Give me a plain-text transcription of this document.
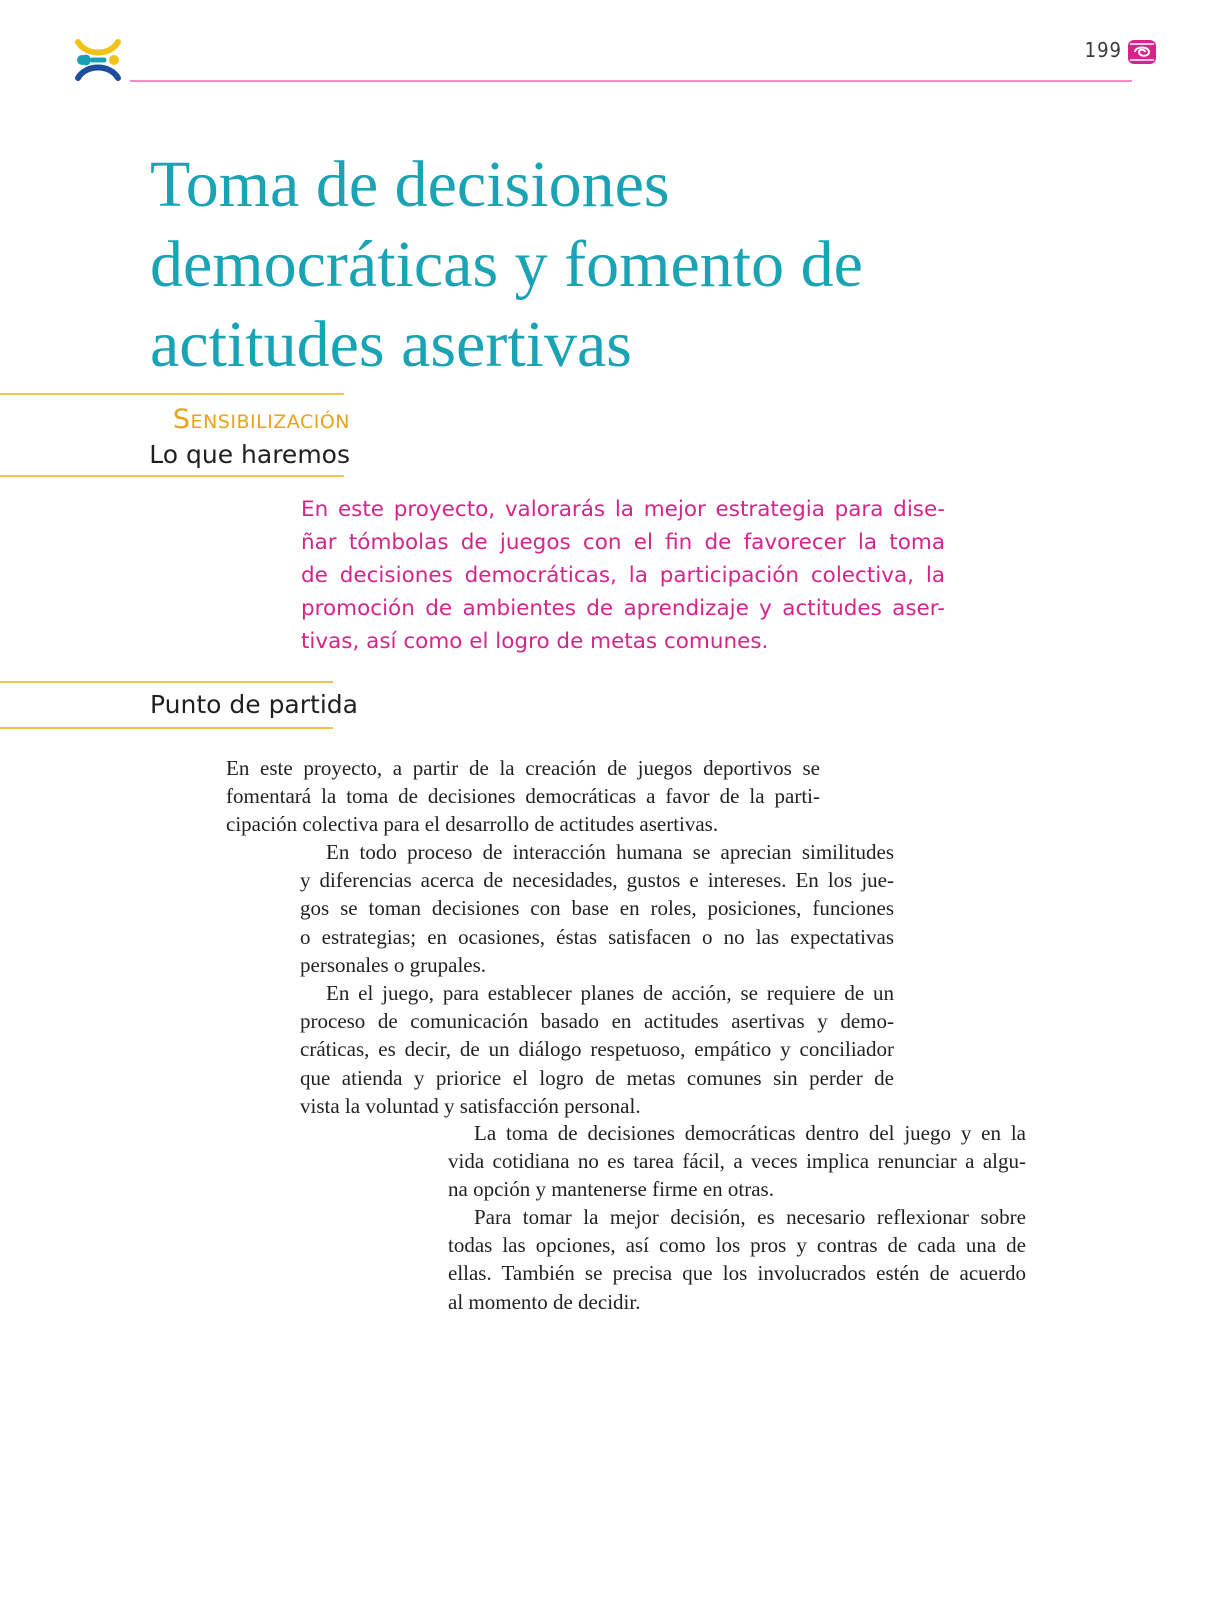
199
Toma de decisiones
democráticas y fomento de
actitudes asertivas
Sensibilización
Lo que haremos

En este proyecto, valorarás la mejor estrategia para dise-
ñar tómbolas de juegos con el fin de favorecer la toma
de decisiones democráticas, la participación colectiva, la
promoción de ambientes de aprendizaje y actitudes aser-
tivas, así como el logro de metas comunes.

Punto de partida

En este proyecto, a partir de la creación de juegos deportivos se
fomentará la toma de decisiones democráticas a favor de la parti-
cipación colectiva para el desarrollo de actitudes asertivas.

En todo proceso de interacción humana se aprecian similitudes
y diferencias acerca de necesidades, gustos e intereses. En los jue-
gos se toman decisiones con base en roles, posiciones, funciones
o estrategias; en ocasiones, éstas satisfacen o no las expectativas
personales o grupales.

En el juego, para establecer planes de acción, se requiere de un
proceso de comunicación basado en actitudes asertivas y demo-
cráticas, es decir, de un diálogo respetuoso, empático y conciliador
que atienda y priorice el logro de metas comunes sin perder de
vista la voluntad y satisfacción personal.

La toma de decisiones democráticas dentro del juego y en la
vida cotidiana no es tarea fácil, a veces implica renunciar a algu-
na opción y mantenerse firme en otras.

Para tomar la mejor decisión, es necesario reflexionar sobre
todas las opciones, así como los pros y contras de cada una de
ellas. También se precisa que los involucrados estén de acuerdo
al momento de decidir.
